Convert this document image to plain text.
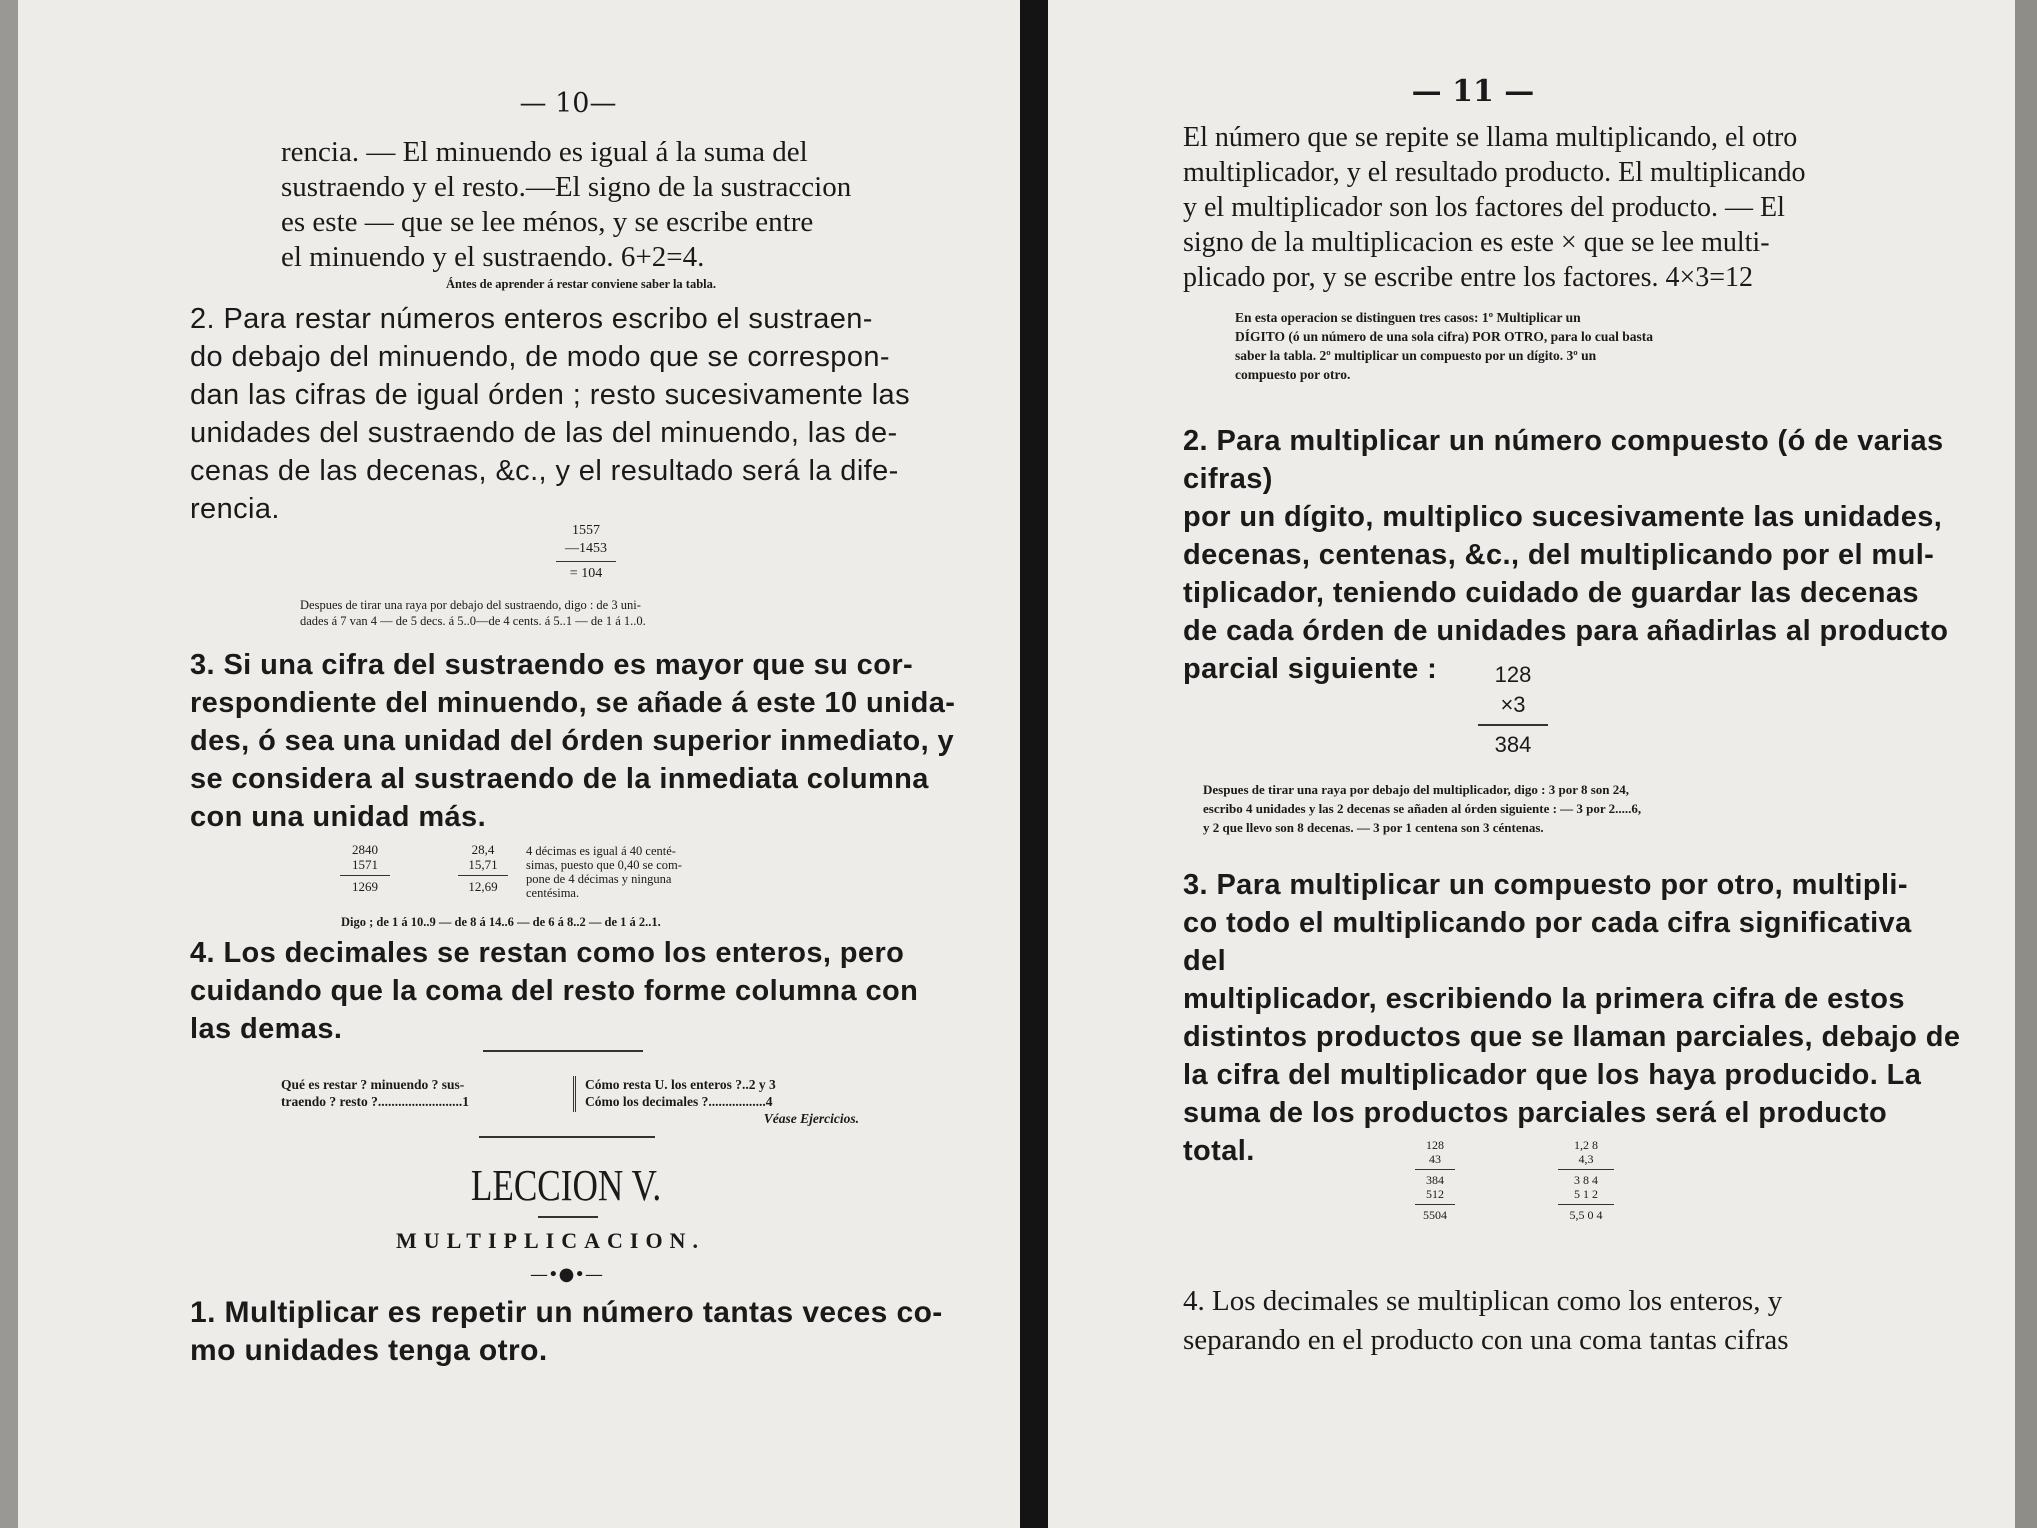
— 10—
rencia. — El minuendo es igual á la suma del
sustraendo y el resto.—El signo de la sustraccion
es este — que se lee ménos, y se escribe entre
el minuendo y el sustraendo. 6+2=4.
Ántes de aprender á restar conviene saber la tabla.
2. Para restar números enteros escribo el sustraen-
do debajo del minuendo, de modo que se correspon-
dan las cifras de igual órden ; resto sucesivamente las
unidades del sustraendo de las del minuendo, las de-
cenas de las decenas, &c., y el resultado será la dife-
rencia.
1557
—1453
= 104
Despues de tirar una raya por debajo del sustraendo, digo : de 3 uni-
dades á 7 van 4 — de 5 decs. á 5..0—de 4 cents. á 5..1 — de 1 á 1..0.
3. Si una cifra del sustraendo es mayor que su cor-
respondiente del minuendo, se añade á este 10 unida-
des, ó sea una unidad del órden superior inmediato, y
se considera al sustraendo de la inmediata columna
con una unidad más.
2840
1571
1269
28,4
15,71
12,69
4 décimas es igual á 40 centé-
simas, puesto que 0,40 se com-
pone de 4 décimas y ninguna
centésima.
Digo ; de 1 á 10..9 — de 8 á 14..6 — de 6 á 8..2 — de 1 á 2..1.
4. Los decimales se restan como los enteros, pero
cuidando que la coma del resto forme columna con
las demas.
Qué es restar ? minuendo ? sus-
traendo ? resto ?.........................1
Cómo resta U. los enteros ?..2 y 3
Cómo los decimales ?.................4
Véase Ejercicios.
LECCION V.
MULTIPLICACION.
—•●•—
1. Multiplicar es repetir un número tantas veces co-
mo unidades tenga otro.
— 11 —
El número que se repite se llama multiplicando, el otro
multiplicador, y el resultado producto. El multiplicando
y el multiplicador son los factores del producto. — El
signo de la multiplicacion es este × que se lee multi-
plicado por, y se escribe entre los factores. 4×3=12
En esta operacion se distinguen tres casos: 1º Multiplicar un
DÍGITO (ó un número de una sola cifra) POR OTRO, para lo cual basta
saber la tabla. 2º multiplicar un compuesto por un dígito. 3º un
compuesto por otro.
2. Para multiplicar un número compuesto (ó de varias cifras)
por un dígito, multiplico sucesivamente las unidades,
decenas, centenas, &c., del multiplicando por el mul-
tiplicador, teniendo cuidado de guardar las decenas
de cada órden de unidades para añadirlas al producto
parcial siguiente :	128
×3
384
Despues de tirar una raya por debajo del multiplicador, digo : 3 por 8 son 24,
escribo 4 unidades y las 2 decenas se añaden al órden siguiente : — 3 por 2.....6,
y 2 que llevo son 8 decenas. — 3 por 1 centena son 3 céntenas.
3. Para multiplicar un compuesto por otro, multipli-
co todo el multiplicando por cada cifra significativa del
multiplicador, escribiendo la primera cifra de estos
distintos productos que se llaman parciales, debajo de
la cifra del multiplicador que los haya producido. La
suma de los productos parciales será el producto
total.	128
43
384
512
5504
1,2 8
4,3
3 8 4
5 1 2
5,5 0 4
4. Los decimales se multiplican como los enteros, y
separando en el producto con una coma tantas cifras
